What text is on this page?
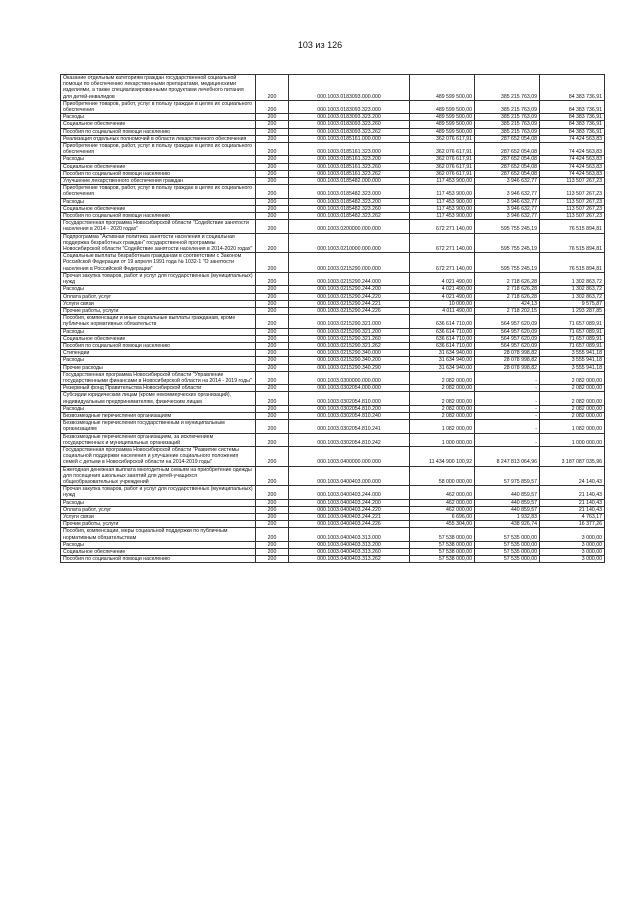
103 из 126
Оказание отдельным категориям граждан государственной социальной помощи по обеспечению лекарственными препаратами, медицинскими изделиями, а также специализированными продуктами лечебного питания для детей-инвалидов	200	000.1003.0183093.000.000	489 599 500,00	385 215 763,09	84 383 736,91
Приобретение товаров, работ, услуг в пользу граждан в целях их социального обеспечения	200	000.1003.0183093.323.000	489 599 500,00	385 215 763,09	84 383 736,91
Расходы	200	000.1003.0183093.323.200	489 599 500,00	385 215 763,09	84 383 736,91
Социальное обеспечение	200	000.1003.0183093.323.260	489 599 500,00	385 215 763,09	84 383 736,91
Пособия по социальной помощи населению	200	000.1003.0183093.323.262	489 599 500,00	385 215 763,09	84 383 736,91
Реализация отдельных полномочий в области лекарственного обеспечения	200	000.1003.0185161.000.000	362 076 617,91	287 652 054,08	74 424 563,83
Приобретение товаров, работ, услуг в пользу граждан в целях их социального обеспечения	200	000.1003.0185161.323.000	362 076 617,91	287 652 054,08	74 424 563,83
Расходы	200	000.1003.0185161.323.200	362 076 617,91	287 652 054,08	74 424 563,83
Социальное обеспечение	200	000.1003.0185161.323.260	362 076 617,91	287 652 054,08	74 424 563,83
Пособия по социальной помощи населению	200	000.1003.0185161.323.262	362 076 617,91	287 652 054,08	74 424 563,83
Улучшение лекарственного обеспечения граждан	200	000.1003.0185482.000.000	117 453 900,00	3 946 632,77	113 507 267,23
Приобретение товаров, работ, услуг в пользу граждан в целях их социального обеспечения	200	000.1003.0185482.323.000	117 453 900,00	3 946 632,77	113 507 267,23
Расходы	200	000.1003.0185482.323.200	117 453 900,00	3 946 632,77	113 507 267,23
Социальное обеспечение	200	000.1003.0185482.323.260	117 453 900,00	3 946 632,77	113 507 267,23
Пособия по социальной помощи населению	200	000.1003.0185482.323.262	117 453 900,00	3 946 632,77	113 507 267,23
Государственная программа Новосибирской области "Содействие занятости населения в 2014 - 2020 годах"	200	000.1003.0200000.000.000	672 271 140,00	595 755 245,19	76 515 894,81
Подпрограмма "Активная политика занятости населения и социальная поддержка безработных граждан" государственной программы Новосибирской области "Содействие занятости населения в 2014-2020 годах"	200	000.1003.0210000.000.000	672 271 140,00	595 755 245,19	76 515 894,81
Социальные выплаты безработным гражданам в соответствии с Законом Российской Федерации от 19 апреля 1991 года № 1032-1 "О занятости населения в Российской Федерации"	200	000.1003.0215290.000.000	672 271 140,00	595 755 245,19	76 515 894,81
Прочая закупка товаров, работ и услуг для государственных (муниципальных) нужд	200	000.1003.0215290.244.000	4 021 490,00	2 718 626,28	1 302 863,72
Расходы	200	000.1003.0215290.244.200	4 021 490,00	2 718 626,28	1 302 863,72
Оплата работ, услуг	200	000.1003.0215290.244.220	4 021 490,00	2 718 626,28	1 302 863,72
Услуги связи	200	000.1003.0215290.244.221	10 000,00	424,13	9 575,87
Прочие работы, услуги	200	000.1003.0215290.244.226	4 011 490,00	2 718 202,15	1 293 287,85
Пособия, компенсации и иные социальные выплаты гражданам, кроме публичных нормативных обязательств	200	000.1003.0215290.321.000	636 614 710,00	564 957 620,09	71 657 089,91
Расходы	200	000.1003.0215290.321.200	636 614 710,00	564 957 620,09	71 657 089,91
Социальное обеспечение	200	000.1003.0215290.321.260	636 614 710,00	564 957 620,09	71 657 089,91
Пособия по социальной помощи населению	200	000.1003.0215290.321.262	636 614 710,00	564 957 620,09	71 657 089,91
Стипендии	200	000.1003.0215290.340.000	31 634 940,00	28 078 998,82	3 555 941,18
Расходы	200	000.1003.0215290.340.200	31 634 940,00	28 078 998,82	3 555 941,18
Прочие расходы	200	000.1003.0215290.340.290	31 634 940,00	28 078 998,82	3 555 941,18
Государственная программа Новосибирской области "Управление государственными финансами в Новосибирской области на 2014 - 2019 годы"	200	000.1003.0300000.000.000	2 082 000,00	-	2 082 000,00
Резервный фонд Правительства Новосибирской области	200	000.1003.0302054.000.000	2 082 000,00	-	2 082 000,00
Субсидии юридическим лицам (кроме некоммерческих организаций), индивидуальным предпринимателям, физическим лицам	200	000.1003.0302054.810.000	2 082 000,00	-	2 082 000,00
Расходы	200	000.1003.0302054.810.200	2 082 000,00	-	2 082 000,00
Безвозмездные перечисления организациям	200	000.1003.0302054.810.240	2 082 000,00	-	2 082 000,00
Безвозмездные перечисления государственным и муниципальным организациям	200	000.1003.0302054.810.241	1 082 000,00	-	1 082 000,00
Безвозмездные перечисления организациям, за исключением государственных и муниципальных организаций	200	000.1003.0302054.810.242	1 000 000,00	-	1 000 000,00
Государственная программа Новосибирской области "Развитие системы социальной поддержки населения и улучшение социального положения семей с детьми в Новосибирской области на 2014-2019 годы"	200	000.1003.0400000.000.000	11 434 900 100,92	8 247 813 064,96	3 187 087 035,96
Ежегодная денежная выплата многодетным семьям на приобретение одежды для посещения школьных занятий для детей-учащихся общеобразовательных учреждений	200	000.1003.0400403.000.000	58 000 000,00	57 975 859,57	24 140,43
Прочая закупка товаров, работ и услуг для государственных (муниципальных) нужд	200	000.1003.0400403.244.000	462 000,00	440 859,57	21 140,43
Расходы	200	000.1003.0400403.244.200	462 000,00	440 859,57	21 140,43
Оплата работ, услуг	200	000.1003.0400403.244.220	462 000,00	440 859,57	21 140,43
Услуги связи	200	000.1003.0400403.244.221	6 696,00	1 932,83	4 763,17
Прочие работы, услуги	200	000.1003.0400403.244.226	455 304,00	438 926,74	16 377,26
Пособия, компенсации, меры социальной поддержки по публичным нормативным обязательствам	200	000.1003.0400403.313.000	57 538 000,00	57 535 000,00	3 000,00
Расходы	200	000.1003.0400403.313.200	57 538 000,00	57 535 000,00	3 000,00
Социальное обеспечение	200	000.1003.0400403.313.260	57 538 000,00	57 535 000,00	3 000,00
Пособия по социальной помощи населению	200	000.1003.0400403.313.262	57 538 000,00	57 535 000,00	3 000,00
